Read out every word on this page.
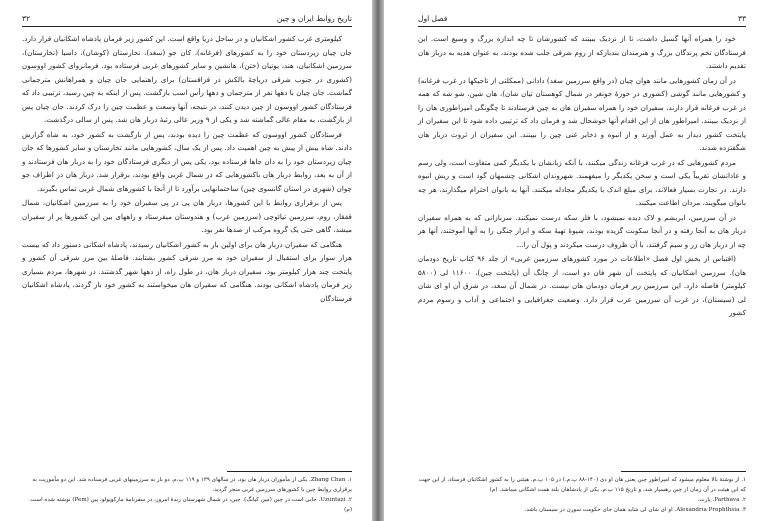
۳۲	تاریخ روابط ایران و چین

کیلومتری غرب کشور اشکانیان و در ساحل دریا واقع است. این کشور زیر فرمان پادشاه اشکانیان قرار دارد. جان چیان زیردستان خود را به کشورهای (فرغانه)، کان جو (سغد)، تخارستان (کوشان)، داسیا (تخارستان)، سرزمین اشکانیان، هند، یوتیان (ختن)، هانشین و سایر کشورهای غربی فرستاده بود. فرمانروای کشور اووسون (کشوری در جنوب شرقی دریاچهٔ بالکش در قزاقستان) برای راهنمایی جان چیان و همراهانش مترجمانی گماشت. جان چیان با دهها نفر از مترجمان و دهها رأس اسب بازگشت. پس از اینکه به چین رسید، ترتیبی داد که فرستادگان کشور اووسون از چین دیدن کنند، در نتیجه، آنها وسعت و عظمت چین را درک کردند. جان چیان پس از بازگشت، به مقام عالی گماشته شد و یکی از ۹ وزیر عالی رتبهٔ دربار هان شد. پس از سالی درگذشت.

فرستادگان کشور اووسون که عظمت چین را دیده بودند، پس از بازگشت به کشور خود، به شاه گزارش دادند. شاه بیش از پیش به چین اهمیت داد. پس از یک سال، کشورهایی مانند تخارستان و سایر کشورها که جان چیان زیردستان خود را به دان جاها فرستاده بود، یکی پس از دیگری فرستادگان خود را به دربار هان فرستادند و از آن به بعد، روابط دربار هان باکشورهایی که در شمال غربی واقع بودند، برقرار شد. دربار هان در اطراف جو چوان (شهری در استان گانسوی چین) ساختمانهایی برآورد تا از آنجا با کشورهای شمال غربی تماس بگیرند.

پس از برقراری روابط با این کشورها، دربار هان پی در پی سفیران خود را به سرزمین اشکانیان، شمال قفقاز، روم، سرزمین تیائوچی (سرزمین عرب) و هندوستان میفرستاد و راههای بین این کشورها پر از سفیران میشد، گاهی حتی یک گروه مرکب از صدها نفر بود.

هنگامی که سفیران دربار هان برای اولین بار به کشور اشکانیان رسیدند، پادشاه اشکانی دستور داد که بیست هزار سوار برای استقبال از سفیران خود به مرز شرقی کشور بشتابند. فاصلهٔ بین مرز شرقی آن کشور و پایتخت چند هزار کیلومتر بود. سفیران دربار هان، در طول راه، از دهها شهر گذشتند. در شهرها، مردم بسیاری زیر فرمان پادشاه اشکانی بودند. هنگامی که سفیران هان میخواستند به کشور خود باز گردند، پادشاه اشکانیان فرستادگان

۱. Zhang Chan. یکی از مأموران دربار هان بود، در سالهای ۱۳۹ و ۱۱۹ پ.م. دو بار به سرزمینهای غربی فرستاده شد. این دو مأموریت به برقراری روابط چین با کشورهای سرزمین غربی منجر گردید.

۲. Uzuntazi. جایی است در چین (مین کیانگ). چین، در شمال شهرستان زندهٔ امروز، در سفرنامهٔ مارکوپولو، پین (Pem) نوشته شده است. (م)

فصل اول	۳۳

خود را همراه آنها گسیل داشت، تا از نزدیک ببینند که کشورشان تا چه اندازه بزرگ و وسیع است. این فرستادگان تخم پرندگان بزرگ و هنرمندان بندبازکه از روم شرقی جلب شده بودند، به عنوان هدیه به دربار هان تقدیم داشتند.

در آن زمان کشورهایی مانند هوان چیان (در واقع سرزمین سغد) دادانی (ممکلتی از تاجیکها در غرب فرغانه) و کشورهایی مانند گوشی (کشوری در حوزهٔ جونغر در شمال کوهستان تیان شان)، هان شین، شو شه که همه در غرب فرغانه قرار دارند، سفیران خود را همراه سفیران هان به چین فرستادند تا چگونگی امپراطوری هان را از نزدیک ببینند. امپراطور هان از این اقدام آنها خوشحال شد و فرمان داد که ترتیبی داده شود تا این سفیران از پایتخت کشور دیدار به عمل آورند و از انبوه و ذخایر غنی چین را ببینند. این سفیران از ثروت دربار هان شگفتزده شدند.

مردم کشورهایی که در غرب فرغانه زندگی میکنند، با آنکه زبانشان با یکدیگر کمی متفاوت است، ولی رسم و عاداتشان تقریباً یکی است و سخن یکدیگر را میفهمند. شهروندان اشکانی چشمهان گود است و ریش انبوه دارند. در تجارت بسیار فعالاند، برای مبلغ اندک با یکدیگر مجادله میکنند. آنها به بانوان احترام میگذارند، هر چه بانوان میگویند، مردان اطاعت میکنند.

در آن سرزمین، ابریشم و لاک دیده نمیشود، با فلز سکه درست نمیکنند. سربازانی که به همراه سفیران دربار هان به آنجا رفته و در آنجا سکونت گزیده بودند، شیوهٔ تهیهٔ سکه و ابزار جنگی را به آنها آموختند، آنها هر چه از دربار هان زر و سیم گرفتند، با آن ظروف درست میکردند و پول آن را...

(اقتباس از بخش اول فصل «اطلاعات در مورد کشورهای سرزمین غربی» از جلد ۹۶ کتاب تاریخ دودمان هان). سرزمین اشکانیان که پایتخت آن شهر فان دو است، از چانگ آن (پایتخت چین)، ۱۱۶۰۰ لی (۵۸۰۰ کیلومتر) فاصله دارد. این سرزمین زیر فرمان دودمان هان نیست. در شمال آن سغد، در شرق آن او ای شان لی (سیستان)، در غرب آن سرزمین عرب قرار دارد. وضعیت جغرافیایی و اجتماعی و آداب و رسوم مردم کشور

۱. از نوشتهٔ بالا معلوم میشود که امپراطور چین یعنی هان او دی (۱۴۰-۸۸ پ.م.) در ۱۰۵ پ.م. هیئتی را به کشور اشکانیان فرستاد، از این جهت که این هیئت در آن زمان از چین رهسپار شد، و تاریخ ۱۱۵ پ.م. یکی از پادشاهان بلند همت اشکانی میباشد. (م)

۲. Parthava. پارت.

۳. Alexandria Prophthsia. او ای شان لی شاید همان جای حکومت سورن در سیستان باشد.
